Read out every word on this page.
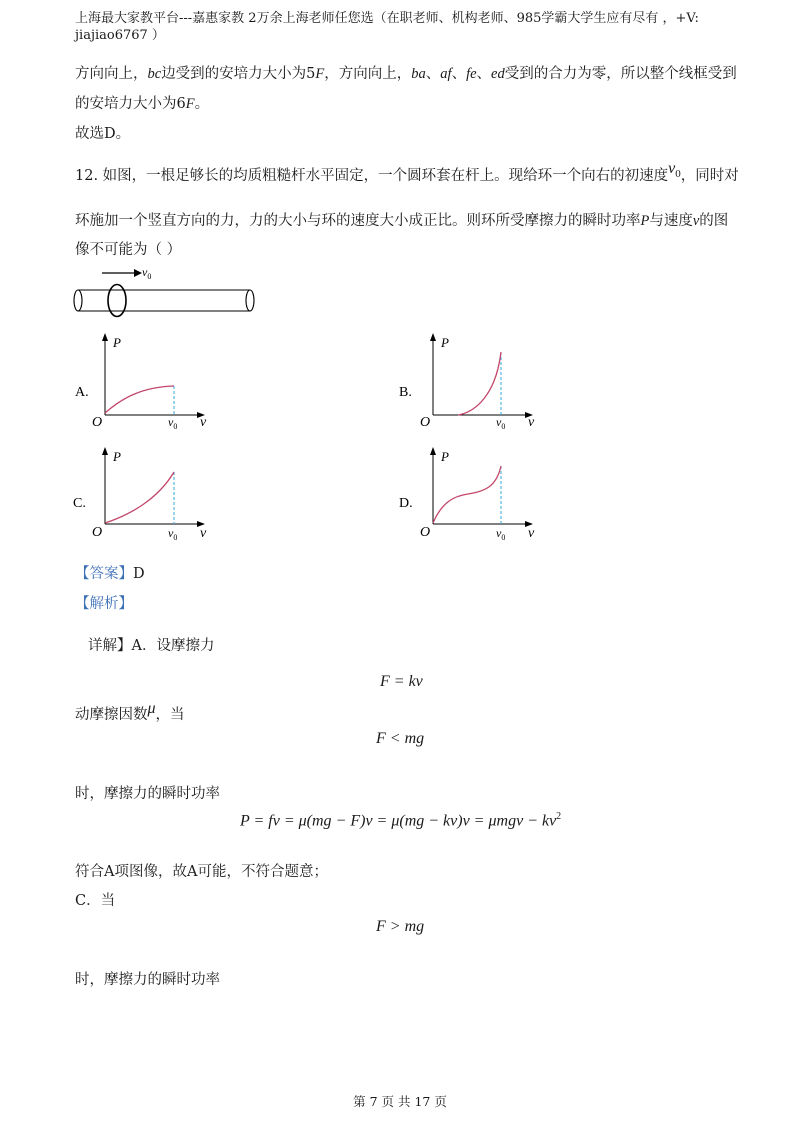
上海最大家教平台---嘉惠家教 2万余上海老师任您选（在职老师、机构老师、985学霸大学生应有尽有 ，+V:
jiajiao6767 ）
方向向上，bc边受到的安培力大小为5F，方向向上，ba、af、fe、ed受到的合力为零，所以整个线框受到
的安培力大小为6F。
故选D。
12. 如图，一根足够长的均质粗糙杆水平固定，一个圆环套在杆上。现给环一个向右的初速度$v_0$，同时对
环施加一个竖直方向的力，力的大小与环的速度大小成正比。则环所受摩擦力的瞬时功率P与速度v的图
像不可能为（ ）
$v_0$
A.
P
O	$v_0$ v
B.
P
O	$v_0$ v
C.
P
O	$v_0$ v
D.
P
O	$v_0$ v
【答案】D
【解析】
详解】A．设摩擦力
F = kv
动摩擦因数μ，当
F < mg
时，摩擦力的瞬时功率
P = fv = $\mu(mg - F)v = \mu(mg - kv)v = \mu mgv - kv^2$
符合A项图像，故A可能，不符合题意；
C．当
F > mg
时，摩擦力的瞬时功率
第 7 页 共 17 页
